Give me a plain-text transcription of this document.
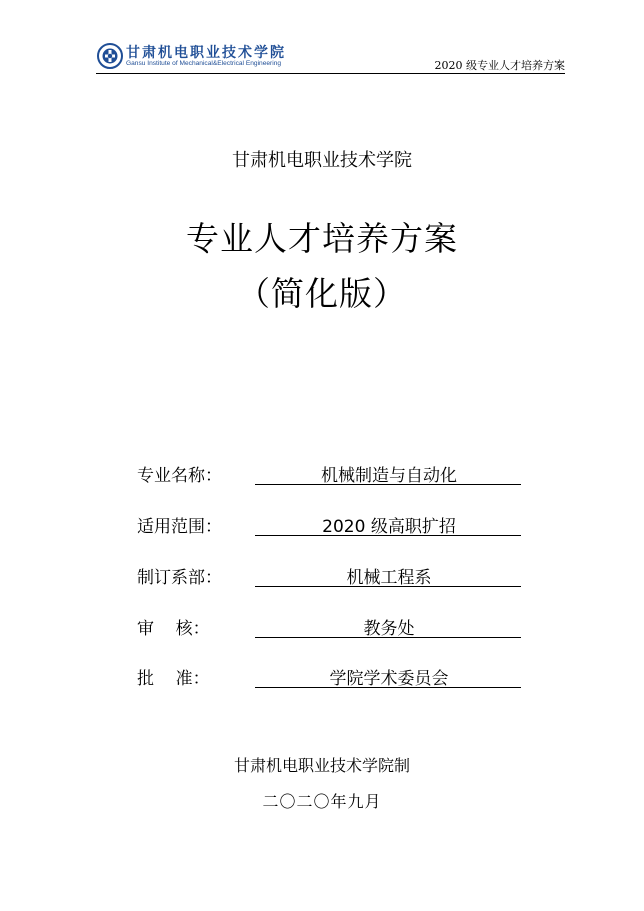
甘肃机电职业技术学院
Gansu Institute of Mechanical&Electrical Engineering	2020 级专业人才培养方案
甘肃机电职业技术学院
专业人才培养方案
（简化版）
专业名称：	机械制造与自动化
适用范围：	2020 级高职扩招
制订系部：	机械工程系
审    核：	教务处
批    准：	学院学术委员会
甘肃机电职业技术学院制
二〇二〇年九月
